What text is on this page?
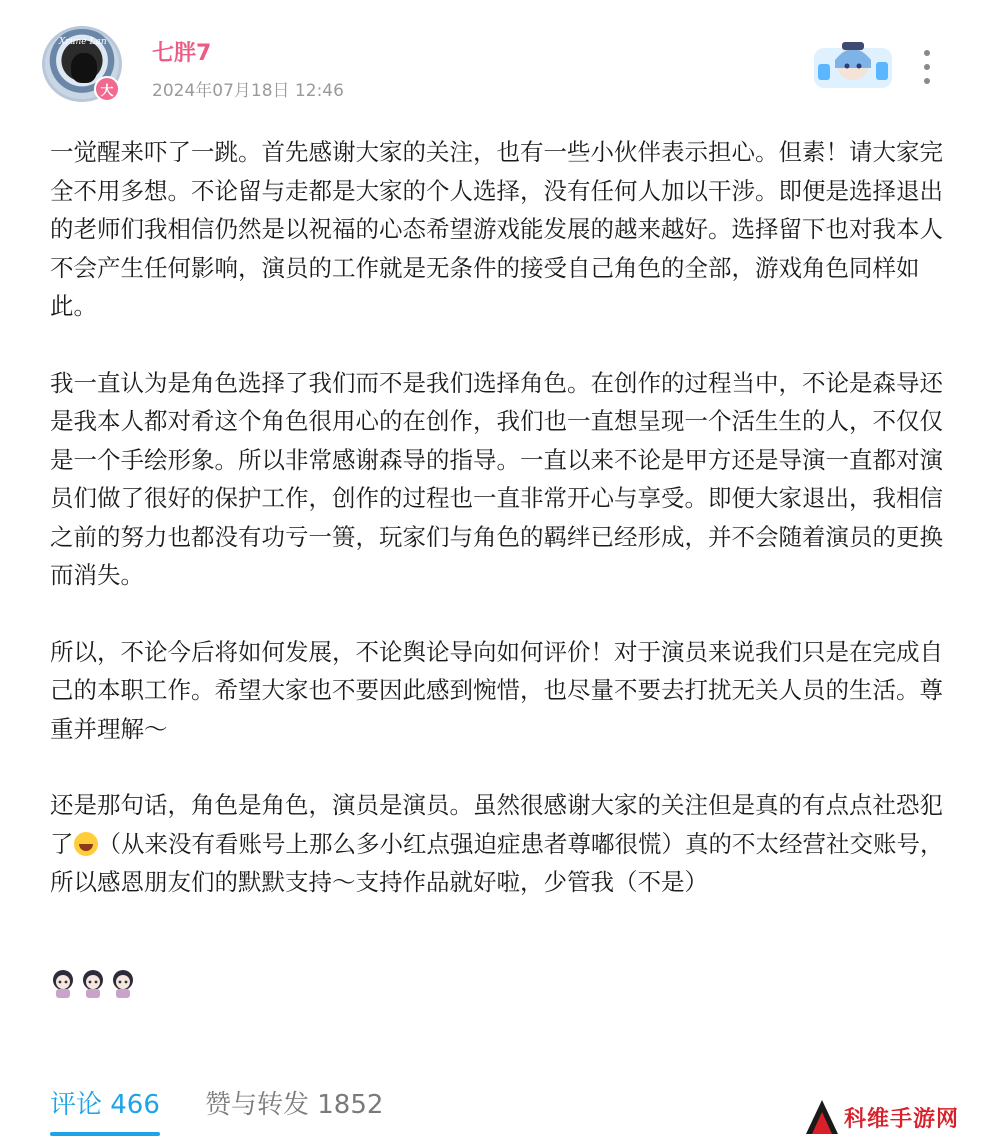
Xrune Lan
大
七胖7
2024年07月18日 12:46

一觉醒来吓了一跳。首先感谢大家的关注，也有一些小伙伴表示担心。但素！请大家完全不用多想。不论留与走都是大家的个人选择，没有任何人加以干涉。即便是选择退出的老师们我相信仍然是以祝福的心态希望游戏能发展的越来越好。选择留下也对我本人不会产生任何影响，演员的工作就是无条件的接受自己角色的全部，游戏角色同样如此。

我一直认为是角色选择了我们而不是我们选择角色。在创作的过程当中，不论是森导还是我本人都对肴这个角色很用心的在创作，我们也一直想呈现一个活生生的人，不仅仅是一个手绘形象。所以非常感谢森导的指导。一直以来不论是甲方还是导演一直都对演员们做了很好的保护工作，创作的过程也一直非常开心与享受。即便大家退出，我相信之前的努力也都没有功亏一篑，玩家们与角色的羁绊已经形成，并不会随着演员的更换而消失。

所以，不论今后将如何发展，不论舆论导向如何评价！对于演员来说我们只是在完成自己的本职工作。希望大家也不要因此感到惋惜，也尽量不要去打扰无关人员的生活。尊重并理解～

还是那句话，角色是角色，演员是演员。虽然很感谢大家的关注但是真的有点点社恐犯了 （从来没有看账号上那么多小红点强迫症患者尊嘟很慌）真的不太经营社交账号，所以感恩朋友们的默默支持～支持作品就好啦，少管我（不是）

评论 466 赞与转发 1852	科维手游网
